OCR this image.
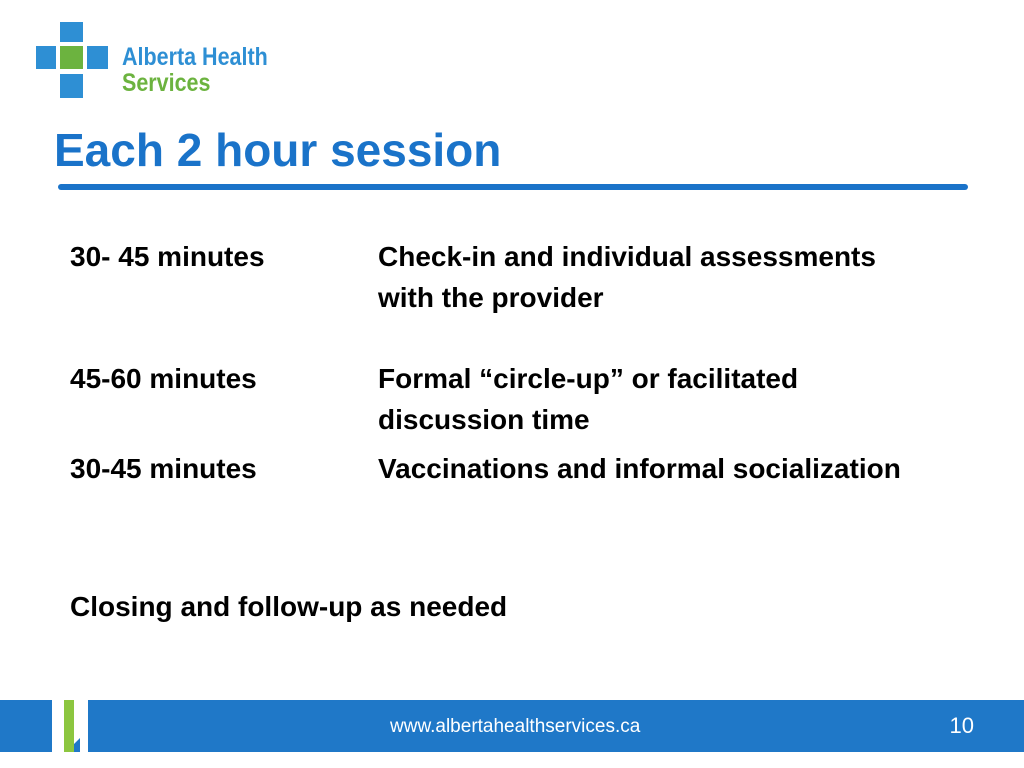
Alberta Health
Services
Each 2 hour session
30- 45 minutes	Check-in and individual assessments with the provider
45-60 minutes	Formal “circle-up” or facilitated discussion time
30-45 minutes	Vaccinations and informal socialization
Closing and follow-up as needed
www.albertahealthservices.ca	10
